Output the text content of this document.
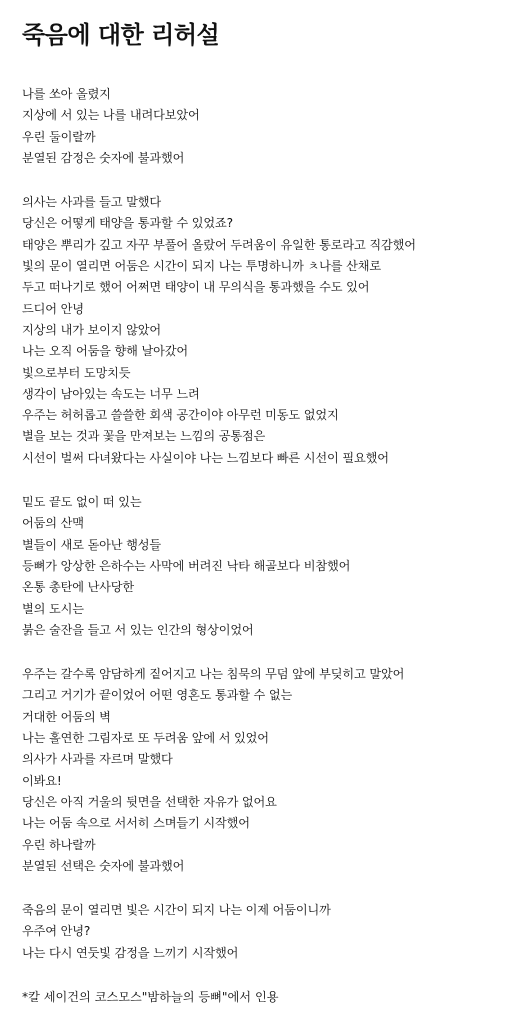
죽음에 대한 리허설
나를 쏘아 올렸지
지상에 서 있는 나를 내려다보았어
우린 둘이랄까
분열된 감정은 숫자에 불과했어
의사는 사과를 들고 말했다
당신은 어떻게 태양을 통과할 수 있었죠?
태양은 뿌리가 깊고 자꾸 부풀어 올랐어 두려움이 유일한 통로라고 직감했어
빛의 문이 열리면 어둠은 시간이 되지 나는 투명하니까 ㅊ나를 산채로
두고 떠나기로 했어 어쩌면 태양이 내 무의식을 통과했을 수도 있어
드디어 안녕
지상의 내가 보이지 않았어
나는 오직 어둠을 향해 날아갔어
빛으로부터 도망치듯
생각이 남아있는 속도는 너무 느려
우주는 허허롭고 쓸쓸한 회색 공간이야 아무런 미동도 없었지
별을 보는 것과 꽃을 만져보는 느낌의 공통점은
시선이 벌써 다녀왔다는 사실이야 나는 느낌보다 빠른 시선이 필요했어
밑도 끝도 없이 떠 있는
어둠의 산맥
별들이 새로 돋아난 행성들
등뼈가 앙상한 은하수는 사막에 버려진 낙타 해골보다 비참했어
온통 총탄에 난사당한
별의 도시는
붉은 술잔을 들고 서 있는 인간의 형상이었어
우주는 갈수록 암담하게 짙어지고 나는 침묵의 무덤 앞에 부딪히고 말았어
그리고 거기가 끝이었어 어떤 영혼도 통과할 수 없는
거대한 어둠의 벽
나는 홀연한 그림자로 또 두려움 앞에 서 있었어
의사가 사과를 자르며 말했다
이봐요!
당신은 아직 거울의 뒷면을 선택한 자유가 없어요
나는 어둠 속으로 서서히 스며들기 시작했어
우린 하나랄까
분열된 선택은 숫자에 불과했어
죽음의 문이 열리면 빛은 시간이 되지 나는 이제 어둠이니까
우주여 안녕?
나는 다시 연둣빛 감정을 느끼기 시작했어
*칼 세이건의 코스모스"밤하늘의 등뼈"에서 인용
